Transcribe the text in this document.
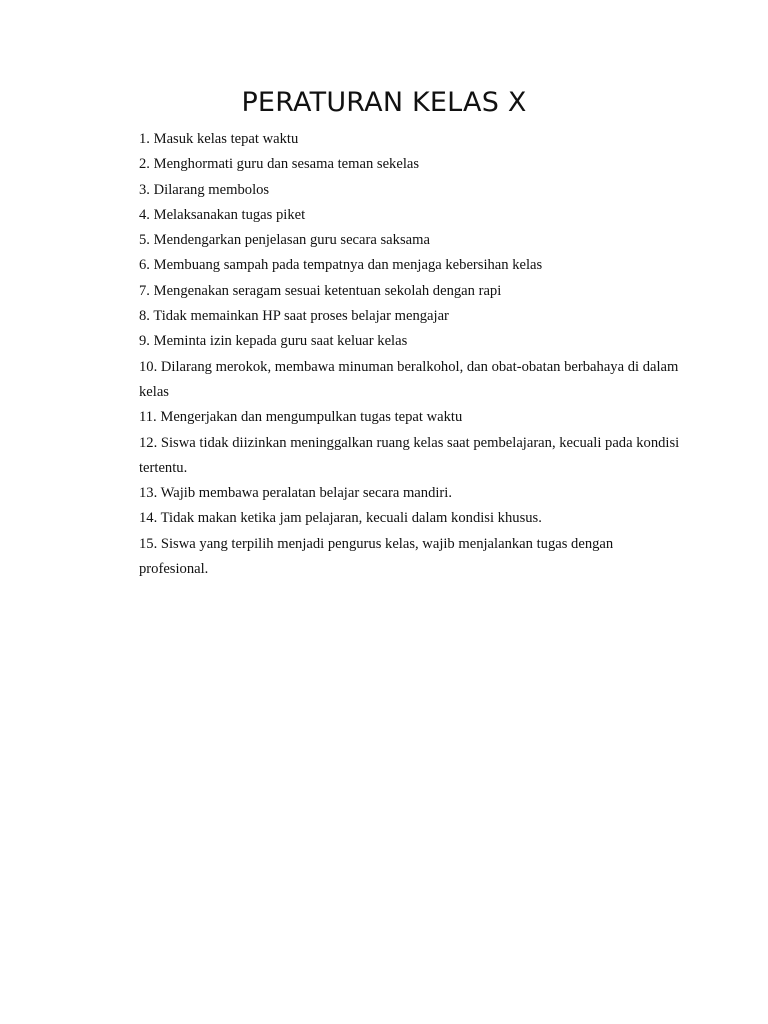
PERATURAN KELAS X
1. Masuk kelas tepat waktu
2. Menghormati guru dan sesama teman sekelas
3. Dilarang membolos
4. Melaksanakan tugas piket
5. Mendengarkan penjelasan guru secara saksama
6. Membuang sampah pada tempatnya dan menjaga kebersihan kelas
7. Mengenakan seragam sesuai ketentuan sekolah dengan rapi
8. Tidak memainkan HP saat proses belajar mengajar
9. Meminta izin kepada guru saat keluar kelas
10. Dilarang merokok, membawa minuman beralkohol, dan obat-obatan berbahaya di dalam kelas
11. Mengerjakan dan mengumpulkan tugas tepat waktu
12. Siswa tidak diizinkan meninggalkan ruang kelas saat pembelajaran, kecuali pada kondisi tertentu.
13. Wajib membawa peralatan belajar secara mandiri.
14. Tidak makan ketika jam pelajaran, kecuali dalam kondisi khusus.
15. Siswa yang terpilih menjadi pengurus kelas, wajib menjalankan tugas dengan profesional.
